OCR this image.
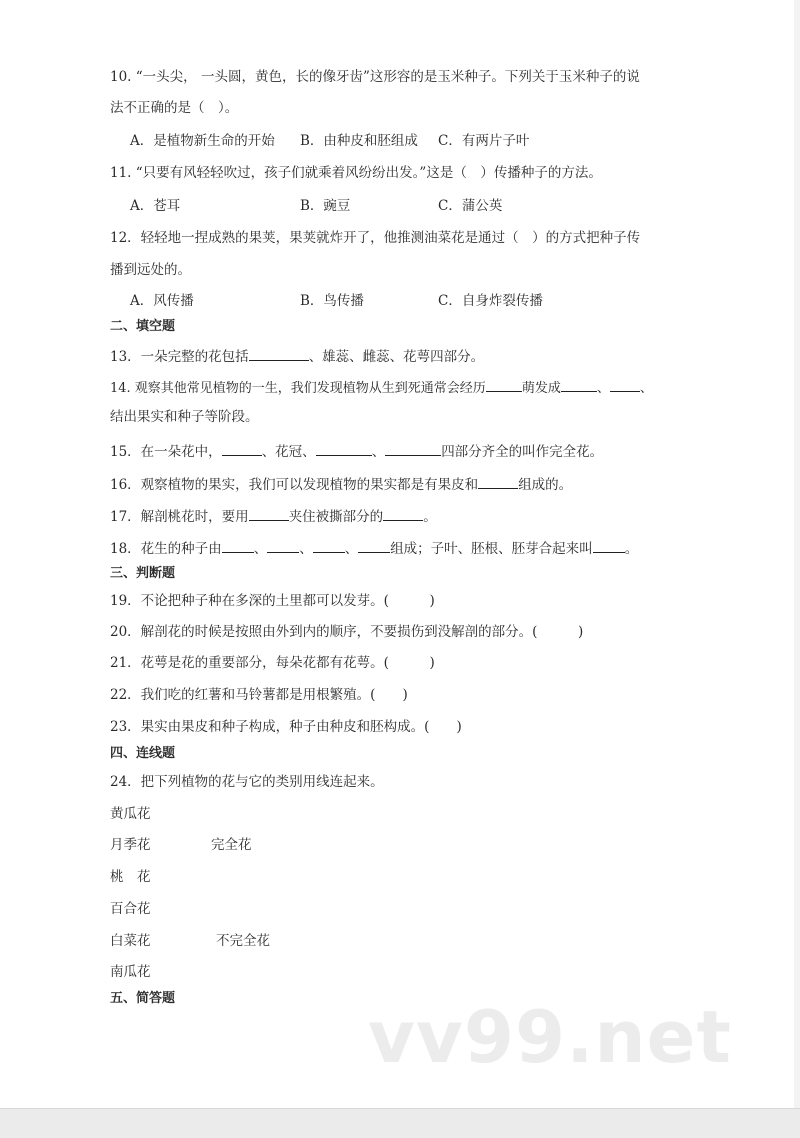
10. “一头尖， 一头圆，黄色，长的像牙齿”这形容的是玉米种子。下列关于玉米种子的说
法不正确的是（　）。
A．是植物新生命的开始 B．由种皮和胚组成 C．有两片子叶
11. “只要有风轻轻吹过，孩子们就乘着风纷纷出发。”这是（　）传播种子的方法。
A．苍耳	B．豌豆	C．蒲公英
12．轻轻地一捏成熟的果荚，果荚就炸开了，他推测油菜花是通过（　）的方式把种子传
播到远处的。
A．风传播	B．鸟传播	C．自身炸裂传播
二、填空题
13．一朵完整的花包括	、雄蕊、雌蕊、花萼四部分。
14. 观察其他常见植物的一生，我们发现植物从生到死通常会经历	萌发成	、 、
结出果实和种子等阶段。
15．在一朵花中，	、花冠、	、	四部分齐全的叫作完全花。
16．观察植物的果实，我们可以发现植物的果实都是有果皮和	组成的。
17．解剖桃花时，要用	夹住被撕部分的	。
18．花生的种子由 、 、 、 组成；子叶、胚根、胚芽合起来叫 。
三、判断题
19．不论把种子种在多深的土里都可以发芽。(　　　)
20．解剖花的时候是按照由外到内的顺序，不要损伤到没解剖的部分。(　　　)
21．花萼是花的重要部分，每朵花都有花萼。(　　　)
22．我们吃的红薯和马铃薯都是用根繁殖。(　　)
23．果实由果皮和种子构成，种子由种皮和胚构成。(　　)
四、连线题
24．把下列植物的花与它的类别用线连起来。
黄瓜花
月季花	完全花
桃　花
百合花
白菜花	不完全花
南瓜花
五、简答题	vv99.net
